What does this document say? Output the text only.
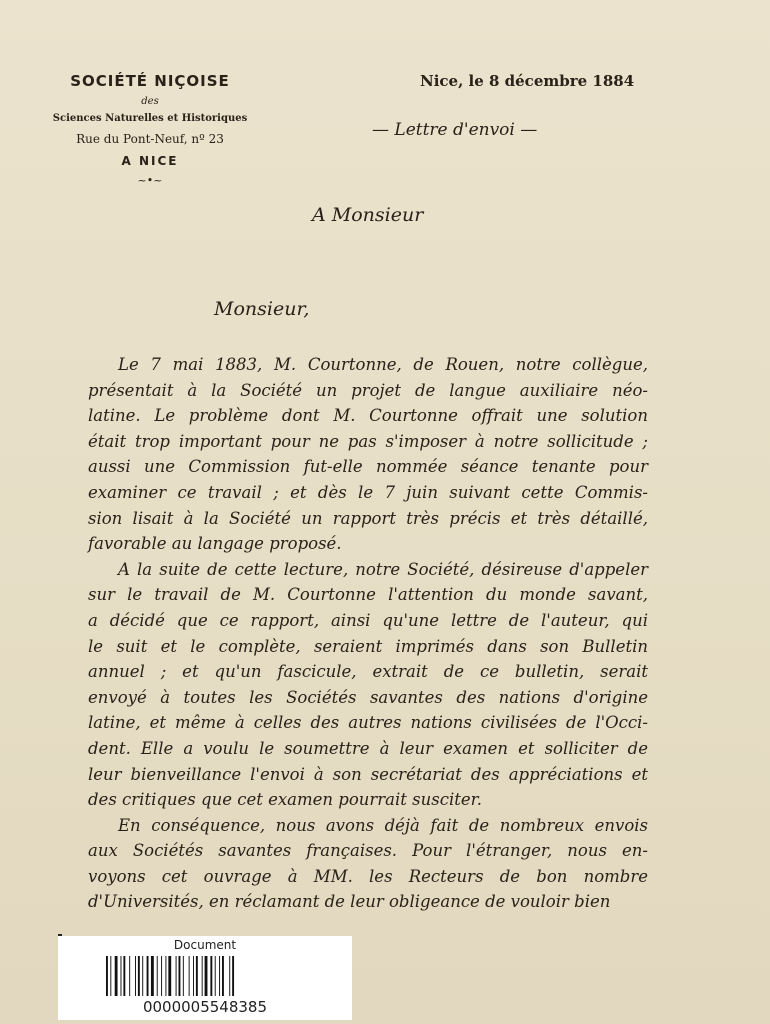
SOCIÉTÉ NIÇOISE
des
Sciences Naturelles et Historiques
Rue du Pont-Neuf, nº 23
A NICE
~•~
Nice, le 8 décembre 1884
— Lettre d'envoi —
A Monsieur
Monsieur,
Le 7 mai 1883, M. Courtonne, de Rouen, notre collègue,
présentait à la Société un projet de langue auxiliaire néo-
latine. Le problème dont M. Courtonne offrait une solution
était trop important pour ne pas s'imposer à notre sollicitude ;
aussi une Commission fut-elle nommée séance tenante pour
examiner ce travail ; et dès le 7 juin suivant cette Commis-
sion lisait à la Société un rapport très précis et très détaillé,
favorable au langage proposé.
A la suite de cette lecture, notre Société, désireuse d'appeler
sur le travail de M. Courtonne l'attention du monde savant,
a décidé que ce rapport, ainsi qu'une lettre de l'auteur, qui
le suit et le complète, seraient imprimés dans son Bulletin
annuel ; et qu'un fascicule, extrait de ce bulletin, serait
envoyé à toutes les Sociétés savantes des nations d'origine
latine, et même à celles des autres nations civilisées de l'Occi-
dent. Elle a voulu le soumettre à leur examen et solliciter de
leur bienveillance l'envoi à son secrétariat des appréciations et
des critiques que cet examen pourrait susciter.
En conséquence, nous avons déjà fait de nombreux envois
aux Sociétés savantes françaises. Pour l'étranger, nous en-
voyons cet ouvrage à MM. les Recteurs de bon nombre
d'Universités, en réclamant de leur obligeance de vouloir bien
Document
0000005548385
